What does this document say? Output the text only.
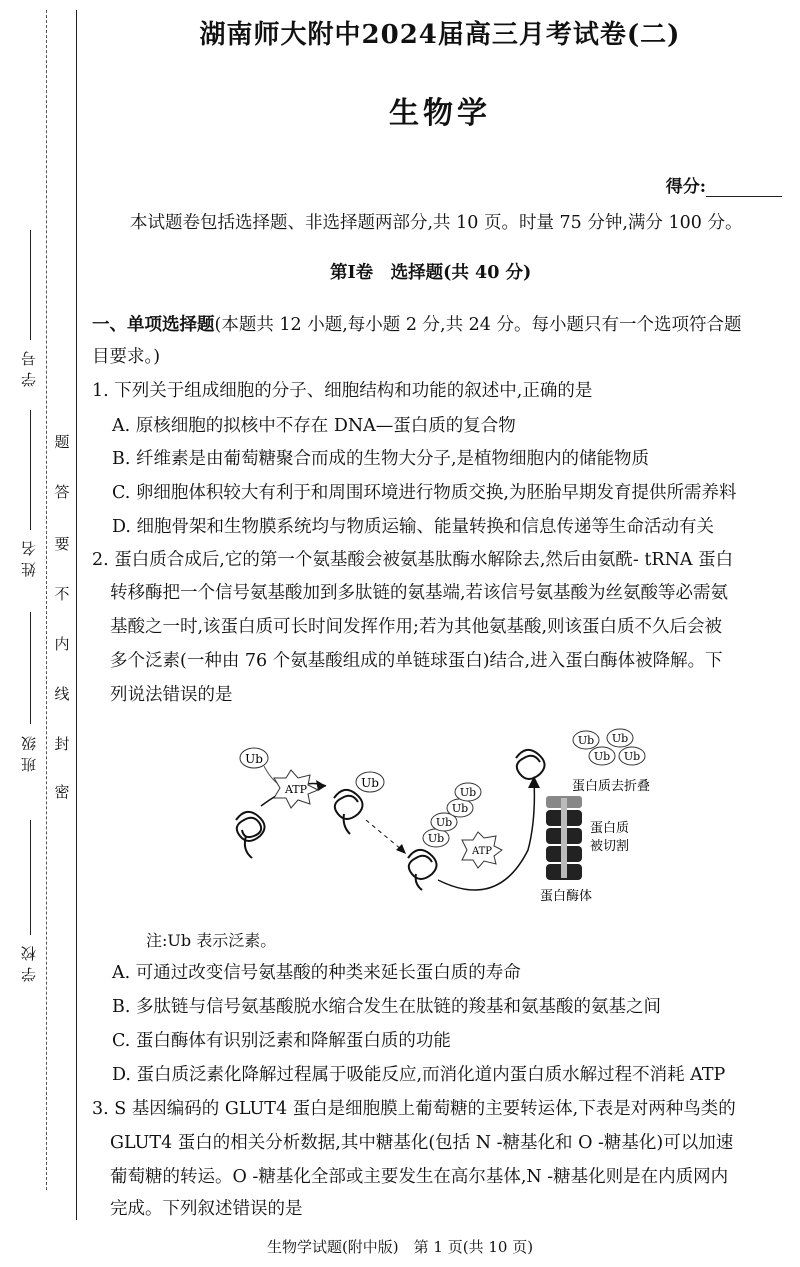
学号
姓名
班级
学校
题
答
要
不
内
线
封
密
湖南师大附中2024届高三月考试卷(二)
生物学
得分:
本试题卷包括选择题、非选择题两部分,共 10 页。时量 75 分钟,满分 100 分。
第Ⅰ卷　选择题(共 40 分)
一、单项选择题(本题共 12 小题,每小题 2 分,共 24 分。每小题只有一个选项符合题
目要求。)
1. 下列关于组成细胞的分子、细胞结构和功能的叙述中,正确的是
A. 原核细胞的拟核中不存在 DNA—蛋白质的复合物
B. 纤维素是由葡萄糖聚合而成的生物大分子,是植物细胞内的储能物质
C. 卵细胞体积较大有利于和周围环境进行物质交换,为胚胎早期发育提供所需养料
D. 细胞骨架和生物膜系统均与物质运输、能量转换和信息传递等生命活动有关
2. 蛋白质合成后,它的第一个氨基酸会被氨基肽酶水解除去,然后由氨酰- tRNA 蛋白
转移酶把一个信号氨基酸加到多肽链的氨基端,若该信号氨基酸为丝氨酸等必需氨
基酸之一时,该蛋白质可长时间发挥作用;若为其他氨基酸,则该蛋白质不久后会被
多个泛素(一种由 76 个氨基酸组成的单链球蛋白)结合,进入蛋白酶体被降解。下
列说法错误的是
Ub
ATP	Ub
Ub
Ub
Ub
Ub
ATP
Ub Ub
Ub Ub
蛋白质去折叠
蛋白质
被切割
蛋白酶体
注:Ub 表示泛素。
A. 可通过改变信号氨基酸的种类来延长蛋白质的寿命
B. 多肽链与信号氨基酸脱水缩合发生在肽链的羧基和氨基酸的氨基之间
C. 蛋白酶体有识别泛素和降解蛋白质的功能
D. 蛋白质泛素化降解过程属于吸能反应,而消化道内蛋白质水解过程不消耗 ATP
3. S 基因编码的 GLUT4 蛋白是细胞膜上葡萄糖的主要转运体,下表是对两种鸟类的
GLUT4 蛋白的相关分析数据,其中糖基化(包括 N -糖基化和 O -糖基化)可以加速
葡萄糖的转运。O -糖基化全部或主要发生在高尔基体,N -糖基化则是在内质网内
完成。下列叙述错误的是
生物学试题(附中版)　第 1 页(共 10 页)
